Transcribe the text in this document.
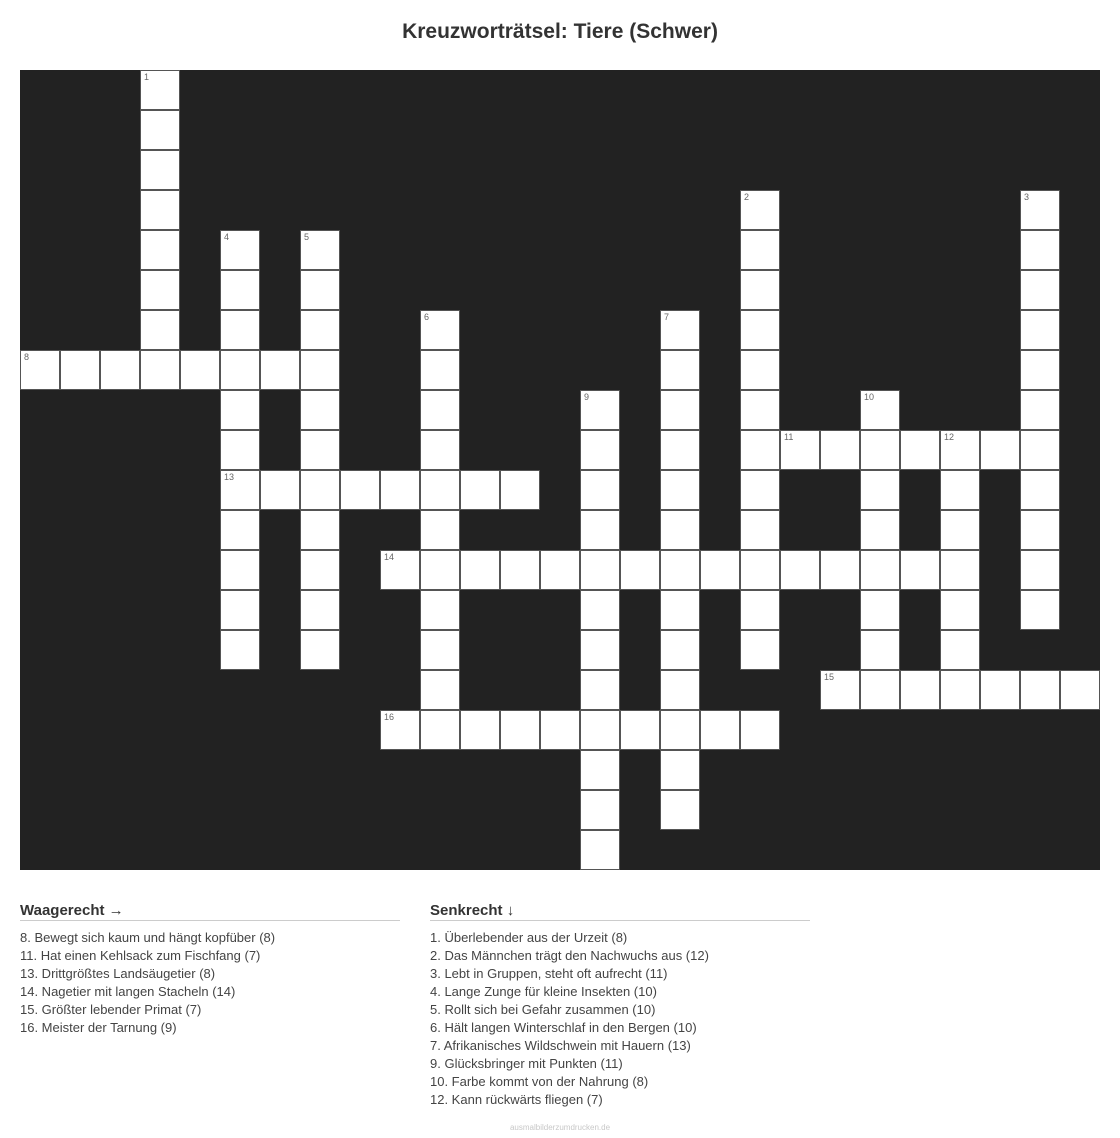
Kreuzworträtsel: Tiere (Schwer)
1
2	3
4
13
5
6	7
8
9	10
11	12
14
15
16
Waagerecht →
8. Bewegt sich kaum und hängt kopfüber (8)
11. Hat einen Kehlsack zum Fischfang (7)
13. Drittgrößtes Landsäugetier (8)
14. Nagetier mit langen Stacheln (14)
15. Größter lebender Primat (7)
16. Meister der Tarnung (9)
Senkrecht ↓
1. Überlebender aus der Urzeit (8)
2. Das Männchen trägt den Nachwuchs aus (12)
3. Lebt in Gruppen, steht oft aufrecht (11)
4. Lange Zunge für kleine Insekten (10)
5. Rollt sich bei Gefahr zusammen (10)
6. Hält langen Winterschlaf in den Bergen (10)
7. Afrikanisches Wildschwein mit Hauern (13)
9. Glücksbringer mit Punkten (11)
10. Farbe kommt von der Nahrung (8)
12. Kann rückwärts fliegen (7)
ausmalbilderzumdrucken.de
